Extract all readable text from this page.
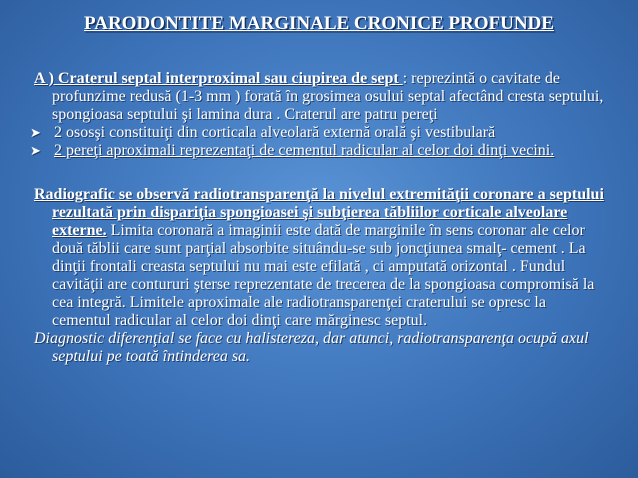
PARODONTITE MARGINALE CRONICE PROFUNDE

A ) Craterul septal interproximal sau ciupirea de sept : reprezintă o cavitate de profunzime redusă (1-3 mm ) forată în grosimea osului septal afectând cresta septului, spongioasa septului şi lamina dura . Craterul are patru pereţi

➤ 2 ososşi constituiţi din corticala alveolară externă orală şi vestibulară

➤ 2 pereţi aproximali reprezentaţi de cementul radicular al celor doi dinţi vecini.

Radiografic se observă radiotransparenţă la nivelul extremităţii coronare a septului rezultată prin dispariţia spongioasei şi subţierea tăbliilor corticale alveolare externe. Limita coronară a imaginii este dată de marginile în sens coronar ale celor două tăblii care sunt parţial absorbite situându-se sub joncţiunea smalţ- cement . La dinţii frontali creasta septului nu mai este efilată , ci amputată orizontal . Fundul cavităţii are contururi şterse reprezentate de trecerea de la spongioasa compromisă la cea integră. Limitele aproximale ale radiotransparenţei craterului se opresc la cementul radicular al celor doi dinţi care mărginesc septul.

Diagnostic diferenţial se face cu halistereza, dar atunci, radiotransparenţa ocupă axul septului pe toată întinderea sa.
